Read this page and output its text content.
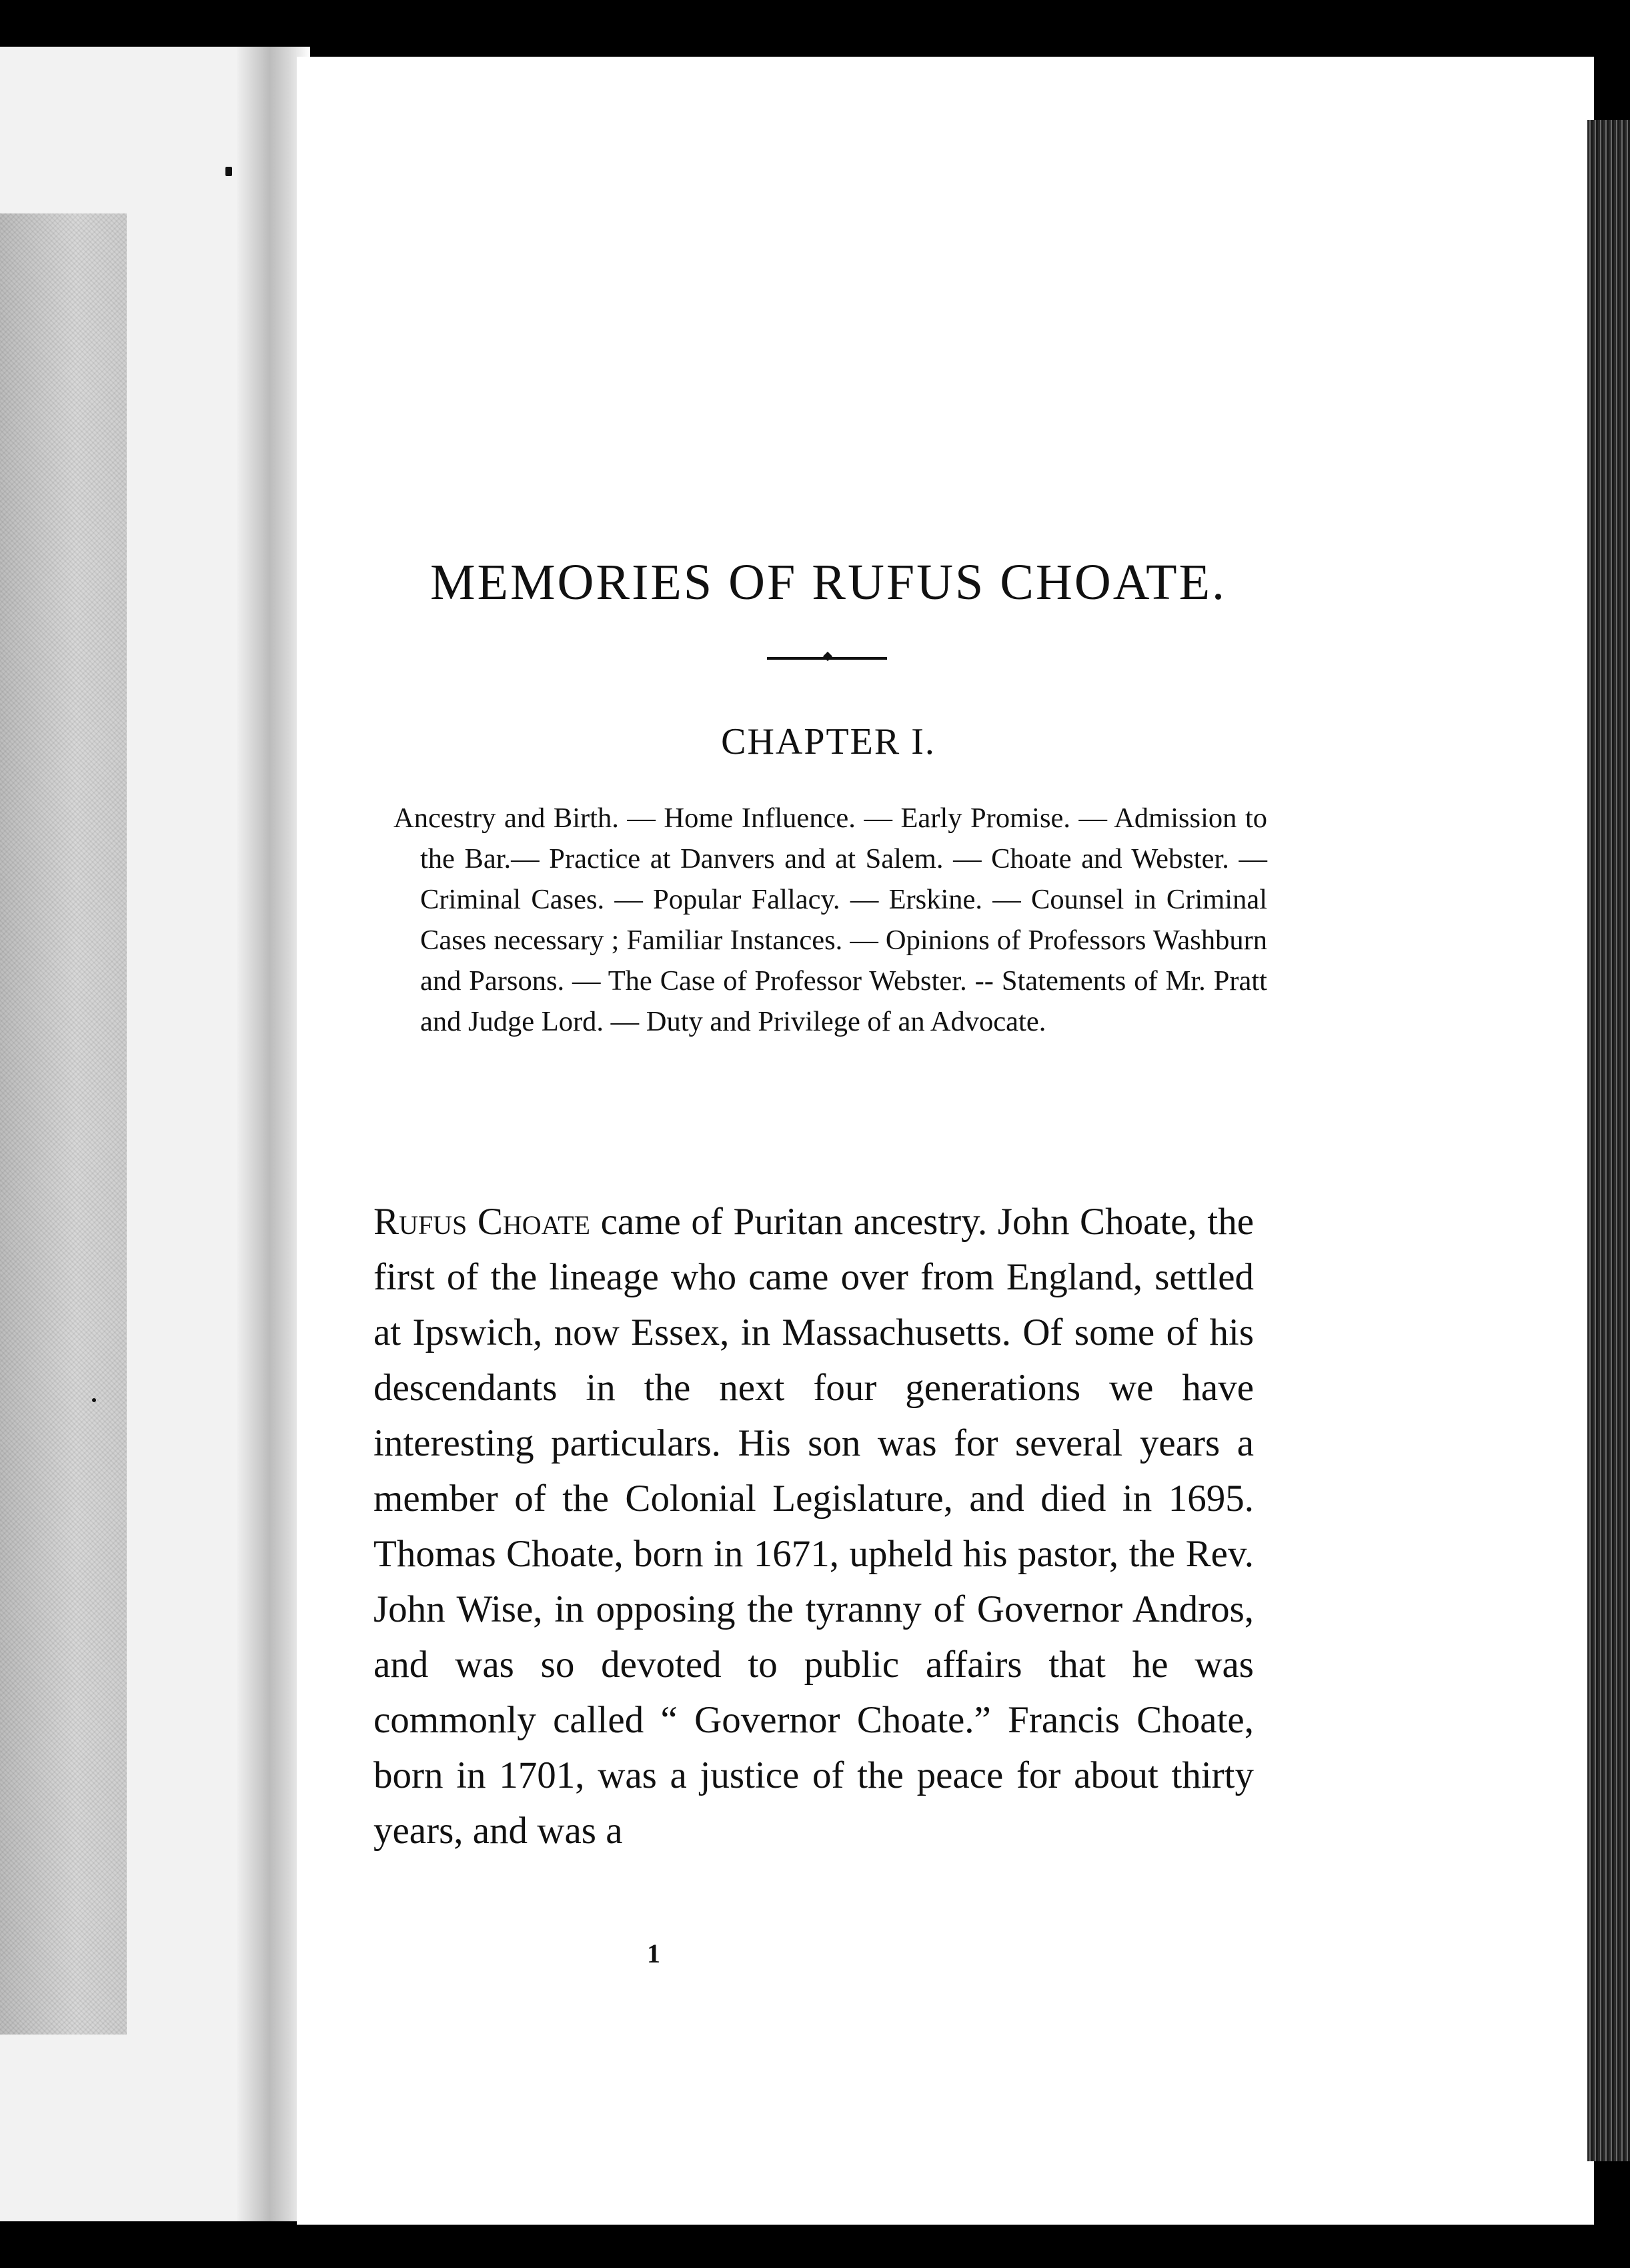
MEMORIES OF RUFUS CHOATE.
CHAPTER I.

Ancestry and Birth. — Home Influence. — Early Promise. — Admission to the Bar.— Practice at Danvers and at Salem. — Choate and Webster. — Criminal Cases. — Popular Fallacy. — Erskine. — Counsel in Criminal Cases necessary ; Familiar Instances. — Opinions of Professors Washburn and Parsons. — The Case of Professor Webster. -- Statements of Mr. Pratt and Judge Lord. — Duty and Privilege of an Advocate.

Rufus Choate came of Puritan ancestry. John Choate, the first of the lineage who came over from England, settled at Ipswich, now Essex, in Massachusetts. Of some of his descendants in the next four generations we have interesting particulars. His son was for several years a member of the Colonial Legislature, and died in 1695. Thomas Choate, born in 1671, upheld his pastor, the Rev. John Wise, in opposing the tyranny of Governor Andros, and was so devoted to public affairs that he was commonly called “ Governor Choate.” Francis Choate, born in 1701, was a justice of the peace for about thirty years, and was a

1
